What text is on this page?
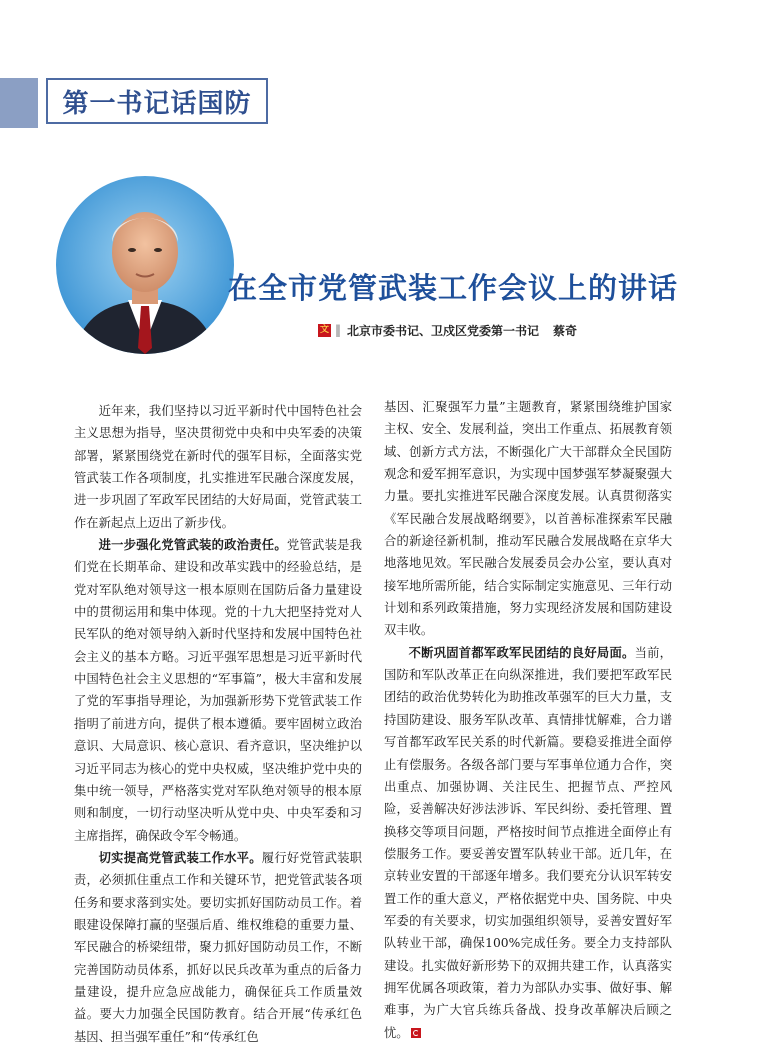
第一书记话国防
在全市党管武装工作会议上的讲话
文 ‖ 北京市委书记、卫戍区党委第一书记 蔡奇

近年来，我们坚持以习近平新时代中国特色社会主义思想为指导，坚决贯彻党中央和中央军委的决策部署，紧紧围绕党在新时代的强军目标，全面落实党管武装工作各项制度，扎实推进军民融合深度发展，进一步巩固了军政军民团结的大好局面，党管武装工作在新起点上迈出了新步伐。

进一步强化党管武装的政治责任。党管武装是我们党在长期革命、建设和改革实践中的经验总结，是党对军队绝对领导这一根本原则在国防后备力量建设中的贯彻运用和集中体现。党的十九大把坚持党对人民军队的绝对领导纳入新时代坚持和发展中国特色社会主义的基本方略。习近平强军思想是习近平新时代中国特色社会主义思想的“军事篇”，极大丰富和发展了党的军事指导理论，为加强新形势下党管武装工作指明了前进方向，提供了根本遵循。要牢固树立政治意识、大局意识、核心意识、看齐意识，坚决维护以习近平同志为核心的党中央权威，坚决维护党中央的集中统一领导，严格落实党对军队绝对领导的根本原则和制度，一切行动坚决听从党中央、中央军委和习主席指挥，确保政令军令畅通。

切实提高党管武装工作水平。履行好党管武装职责，必须抓住重点工作和关键环节，把党管武装各项任务和要求落到实处。要切实抓好国防动员工作。着眼建设保障打赢的坚强后盾、维权维稳的重要力量、军民融合的桥梁纽带，聚力抓好国防动员工作，不断完善国防动员体系，抓好以民兵改革为重点的后备力量建设，提升应急应战能力，确保征兵工作质量效益。要大力加强全民国防教育。结合开展“传承红色基因、担当强军重任”和“传承红色

基因、汇聚强军力量”主题教育，紧紧围绕维护国家主权、安全、发展利益，突出工作重点、拓展教育领域、创新方式方法，不断强化广大干部群众全民国防观念和爱军拥军意识，为实现中国梦强军梦凝聚强大力量。要扎实推进军民融合深度发展。认真贯彻落实《军民融合发展战略纲要》，以首善标准探索军民融合的新途径新机制，推动军民融合发展战略在京华大地落地见效。军民融合发展委员会办公室，要认真对接军地所需所能，结合实际制定实施意见、三年行动计划和系列政策措施，努力实现经济发展和国防建设双丰收。

不断巩固首都军政军民团结的良好局面。当前，国防和军队改革正在向纵深推进，我们要把军政军民团结的政治优势转化为助推改革强军的巨大力量，支持国防建设、服务军队改革、真情排忧解难，合力谱写首都军政军民关系的时代新篇。要稳妥推进全面停止有偿服务。各级各部门要与军事单位通力合作，突出重点、加强协调、关注民生、把握节点、严控风险，妥善解决好涉法涉诉、军民纠纷、委托管理、置换移交等项目问题，严格按时间节点推进全面停止有偿服务工作。要妥善安置军队转业干部。近几年，在京转业安置的干部逐年增多。我们要充分认识军转安置工作的重大意义，严格依据党中央、国务院、中央军委的有关要求，切实加强组织领导，妥善安置好军队转业干部，确保100%完成任务。要全力支持部队建设。扎实做好新形势下的双拥共建工作，认真落实拥军优属各项政策，着力为部队办实事、做好事、解难事，为广大官兵练兵备战、投身改革解决后顾之忧。
